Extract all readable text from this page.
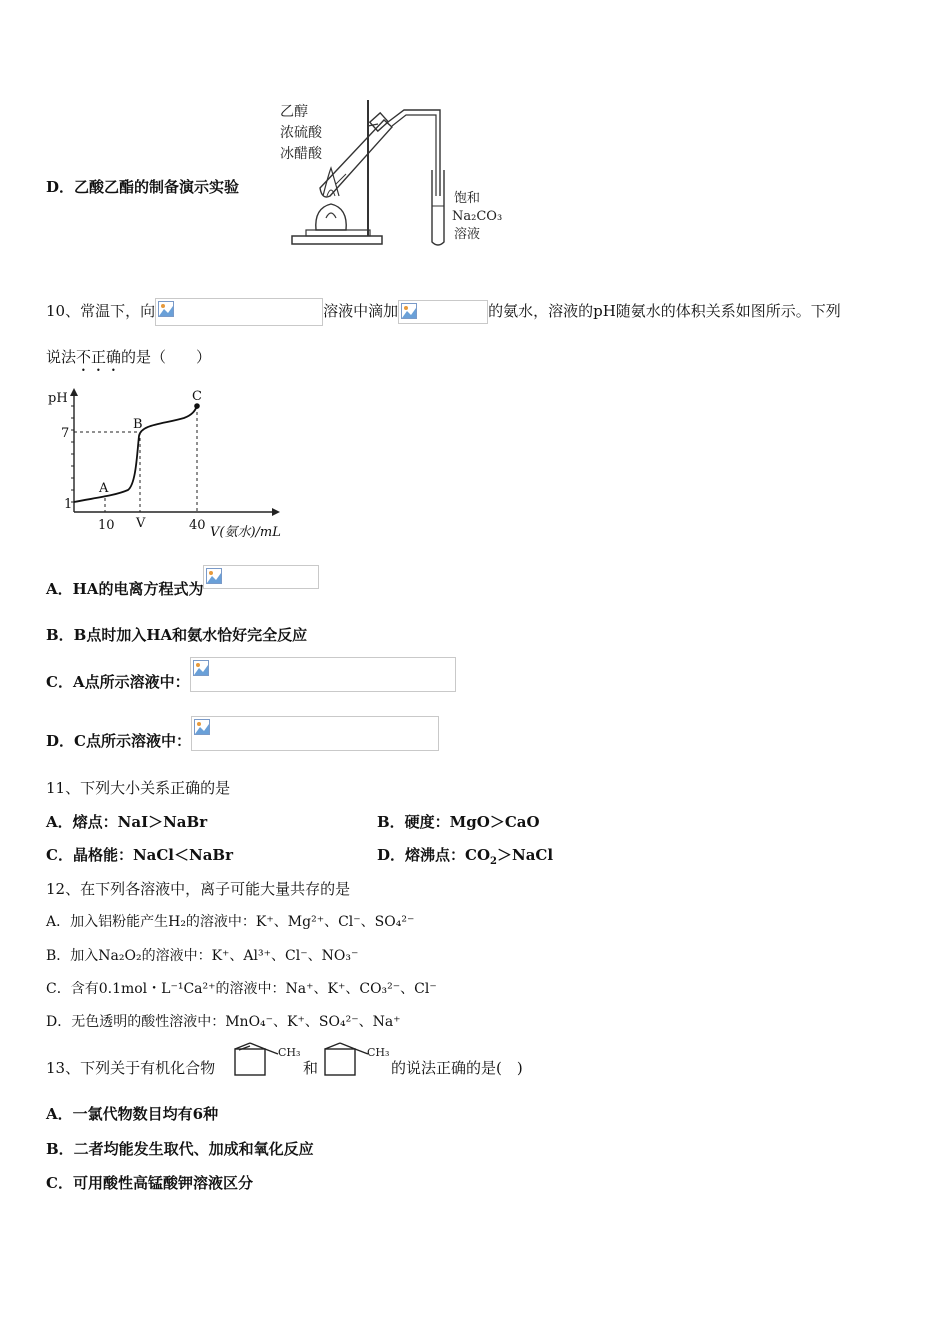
D．乙酸乙酯的制备演示实验
乙醇
浓硫酸
冰醋酸
饱和
Na₂CO₃
溶液
10、常温下，向	溶液中滴加	的氨水，溶液的pH随氨水的体积关系如图所示。下列
说法不正确的是（　　）
pH
7
1
10 V	40 V(氨水)/mL
A
B
C
A．HA的电离方程式为
B．B点时加入HA和氨水恰好完全反应
C．A点所示溶液中：
D．C点所示溶液中：
11、下列大小关系正确的是
A．熔点：NaI＞NaBr	B．硬度：MgO＞CaO
C．晶格能：NaCl＜NaBr	D．熔沸点：$CO_2>NaCl$
12、在下列各溶液中，离子可能大量共存的是
A．加入铝粉能产生H₂的溶液中：K⁺、Mg²⁺、Cl⁻、SO₄²⁻
B．加入Na₂O₂的溶液中：K⁺、Al³⁺、Cl⁻、NO₃⁻
C．含有0.1mol・L⁻¹Ca²⁺的溶液中：Na⁺、K⁺、CO₃²⁻、Cl⁻
D．无色透明的酸性溶液中：MnO₄⁻、K⁺、SO₄²⁻、Na⁺
13、下列关于有机化合物
CH₃
和
CH₃
的说法正确的是(　)
A．一氯代物数目均有6种
B．二者均能发生取代、加成和氧化反应
C．可用酸性高锰酸钾溶液区分
